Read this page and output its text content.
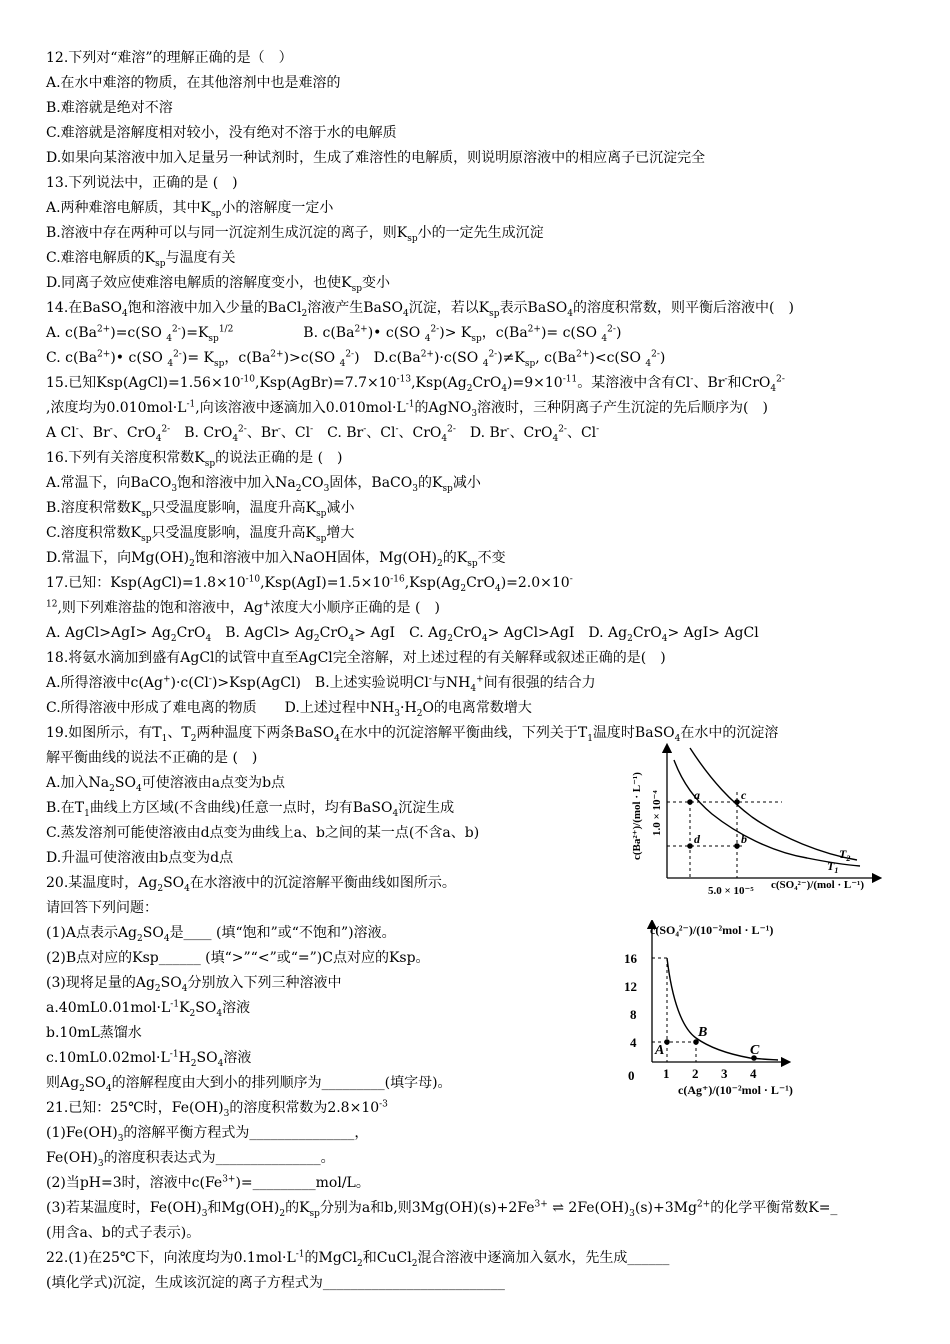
12.下列对“难溶”的理解正确的是（　）
A.在水中难溶的物质，在其他溶剂中也是难溶的
B.难溶就是绝对不溶
C.难溶就是溶解度相对较小，没有绝对不溶于水的电解质
D.如果向某溶液中加入足量另一种试剂时，生成了难溶性的电解质，则说明原溶液中的相应离子已沉淀完全
13.下列说法中，正确的是 (　)
A.两种难溶电解质，其中$K_{sp}$小的溶解度一定小
B.溶液中存在两种可以与同一沉淀剂生成沉淀的离子，则$K_{sp}$小的一定先生成沉淀
C.难溶电解质的$K_{sp}$与温度有关
D.同离子效应使难溶电解质的溶解度变小，也使$K_{sp}$变小
14.在BaSO$_4$饱和溶液中加入少量的BaCl$_2$溶液产生BaSO$_4$沉淀，若以$K_{sp}$表示BaSO$_4$的溶度积常数，则平衡后溶液中(　)
A. $c(Ba^{2+})=c(SO$ $_4^{2-})=K_{sp}^{1/2}$　　　　　B. $c(Ba^{2+})•$ c(SO $_4^{2-})> K_{sp}$，$c(Ba^{2+})= c(SO$ $_4^{2-}$)
C. $c(Ba^{2+})•$ c(SO $_4^{2-})= K_{sp}$，$c(Ba^{2+})>c(SO$ $_4^{2-}$)　$D.c(Ba^{2+})\cdot c(SO$ $_4^{2-})\ne K_{sp}$, $c(Ba^{2+})<c(SO$ $_4^{2-}$)
15.已知$Ksp(AgCl)=1.56\times 10^{-10},Ksp(AgBr)=7.7\times 10^{-13},Ksp(Ag_2CrO_4)=9\times 10^{-11}$。某溶液中含有Cl-、Br-和CrO$_4^{2-}$
,浓度均为$0.010mol\cdot L^{-1}$,向该溶液中逐滴加入$0.010mol\cdot L^{-1}$的AgNO$_3$溶液时，三种阴离子产生沉淀的先后顺序为(　)
A Cl-、Br-、CrO$_4^{2-}$　B. CrO$_4^{2-}$、Br-、Cl-　C. Br-、Cl-、CrO$_4^{2-}$　D. Br-、CrO$_4^{2-}$、Cl-
16.下列有关溶度积常数$K_{sp}$的说法正确的是 (　)
A.常温下，向BaCO$_3$饱和溶液中加入$Na_2CO_3$固体，BaCO$_3$的$K_{sp}$减小
B.溶度积常数$K_{sp}$只受温度影响，温度升高$K_{sp}$减小
C.溶度积常数$K_{sp}$只受温度影响，温度升高$K_{sp}$增大
D.常温下，向$Mg(OH)_2$饱和溶液中加入NaOH固体，$Mg(OH)_2$的$K_{sp}$不变
17.已知：$Ksp(AgCl)=1.8\times 10^{-10},Ksp(AgI)=1.5\times 10^{-16},Ksp(Ag_2CrO_4)=2.0\times 10^-$
$^{12}$,则下列难溶盐的饱和溶液中，Ag+浓度大小顺序正确的是 (　)
A. AgCl>AgI> $Ag_2CrO_4$　B. AgCl> $Ag_2CrO_4>$ AgI　C. $Ag_2CrO_4>$ AgCl>AgI　D. $Ag_2CrO_4> AgI>$ AgCl
18.将氨水滴加到盛有AgCl的试管中直至AgCl完全溶解，对上述过程的有关解释或叙述正确的是(　)
A.所得溶液中c(Ag+)·c(Cl-)>Ksp(AgCl)　B.上述实验说明Cl-与$NH_4^+$间有很强的结合力
C.所得溶液中形成了难电离的物质　　D.上述过程中$NH_3\cdot H_2O$的电离常数增大
19.如图所示，有$T_1$、$T_2$两种温度下两条BaSO$_4$在水中的沉淀溶解平衡曲线，下列关于$T_1$温度时BaSO$_4$在水中的沉淀溶
解平衡曲线的说法不正确的是 (　)
A.加入$Na_2SO_4$可使溶液由a点变为b点
B.在$T_1$曲线上方区域(不含曲线)任意一点时，均有BaSO$_4$沉淀生成
C.蒸发溶剂可能使溶液由d点变为曲线上a、b之间的某一点(不含a、b)
D.升温可使溶液由b点变为d点
20.某温度时，$Ag_2SO_4$在水溶液中的沉淀溶解平衡曲线如图所示。
请回答下列问题：
(1)A点表示$Ag_2SO_4$是____ (填“饱和”或“不饱和”)溶液。
(2)B点对应的Ksp______ (填“>”“<”或“=”)C点对应的Ksp。
(3)现将足量的$Ag_2SO_4$分别放入下列三种溶液中
$a.40mL0.01mol\cdot L^{-1}K_2SO_4$溶液
b.10mL蒸馏水
$c.10mL0.02mol\cdot L^{-1}H_2SO_4$溶液
则$Ag_2SO_4$的溶解程度由大到小的排列顺序为_________(填字母)。
21.已知：25℃时，$Fe(OH)_3$的溶度积常数为$2.8\times 10^{-3}$
$(1)Fe(OH)_3$的溶解平衡方程式为_______________，
$Fe(OH)_3$的溶度积表达式为_______________。
(2)当pH=3时，溶液中$c(Fe^{3+})=\_\_\_\_\_\_\_\_\_mol/L$。
(3)若某温度时，$Fe(OH)_3$和$Mg(OH)_2$的$K_{sp}$分别为a和b,则$3Mg(OH)(s)+2Fe^{3+}$ ⇌ $2Fe(OH)_3(s)+3Mg^{2+}$的化学平衡常数K=_
(用含a、b的式子表示)。
22.(1)在25℃下，向浓度均为$0.1mol\cdot L^{-1}$的MgCl$_2$和CuCl$_2$混合溶液中逐滴加入氨水，先生成______
(填化学式)沉淀，生成该沉淀的离子方程式为__________________________
a	c
d	b
$T_2$
$T_1$
c(Ba²⁺)/(mol · L⁻¹) 1.0 × 10⁻⁴
5.0 × 10⁻⁵ c(SO₄²⁻)/(mol · L⁻¹)
A
B
C
16
12
8
4
0 1 2 3 4
c(SO₄²⁻)/(10⁻²mol · L⁻¹)
c(Ag⁺)/(10⁻²mol · L⁻¹)
